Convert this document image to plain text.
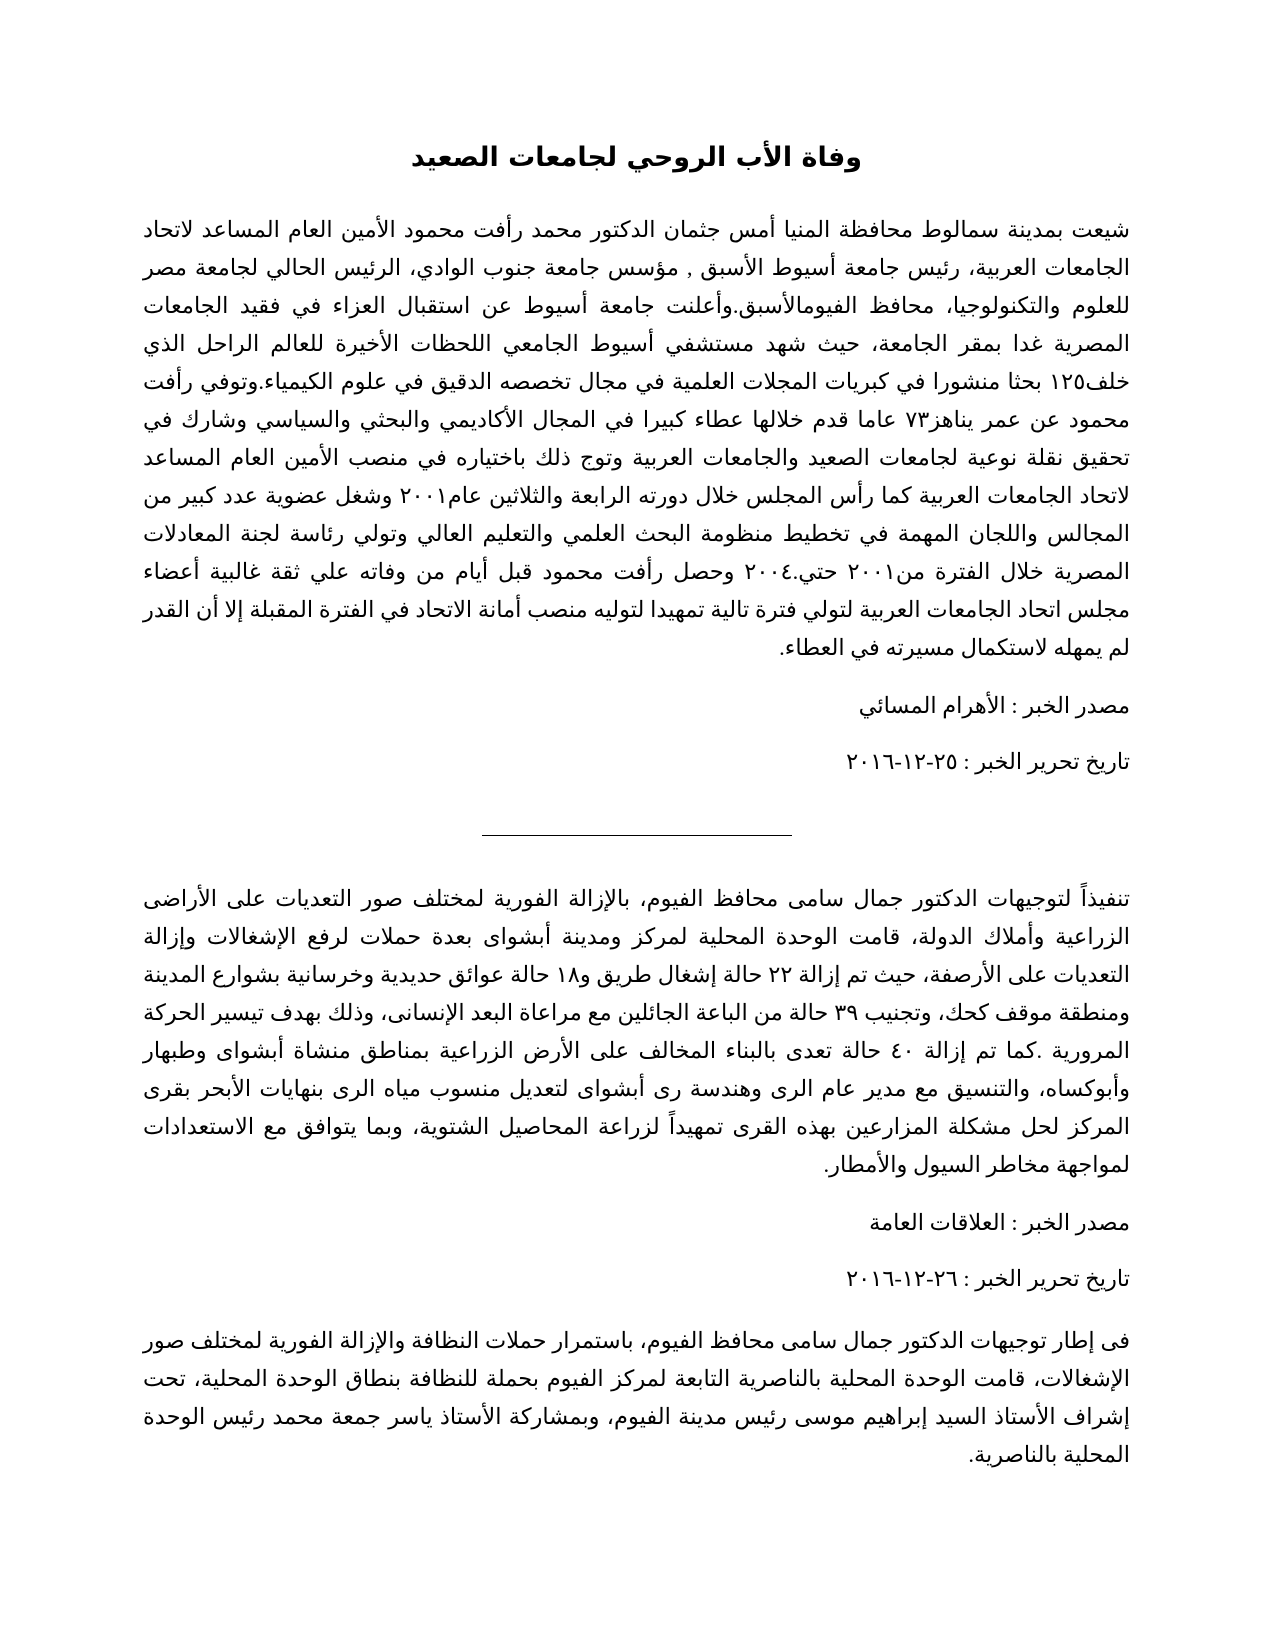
وفاة الأب الروحي لجامعات الصعيد

شيعت بمدينة سمالوط محافظة المنيا أمس جثمان الدكتور محمد رأفت محمود الأمين العام المساعد لاتحاد الجامعات العربية، رئيس جامعة أسيوط الأسبق , مؤسس جامعة جنوب الوادي، الرئيس الحالي لجامعة مصر للعلوم والتكنولوجيا، محافظ الفيومالأسبق.وأعلنت جامعة أسيوط عن استقبال العزاء في فقيد الجامعات المصرية غدا بمقر الجامعة، حيث شهد مستشفي أسيوط الجامعي اللحظات الأخيرة للعالم الراحل الذي خلف١٢٥ بحثا منشورا في كبريات المجلات العلمية في مجال تخصصه الدقيق في علوم الكيمياء.وتوفي رأفت محمود عن عمر يناهز٧٣ عاما قدم خلالها عطاء كبيرا في المجال الأكاديمي والبحثي والسياسي وشارك في تحقيق نقلة نوعية لجامعات الصعيد والجامعات العربية وتوج ذلك باختياره في منصب الأمين العام المساعد لاتحاد الجامعات العربية كما رأس المجلس خلال دورته الرابعة والثلاثين عام٢٠٠١ وشغل عضوية عدد كبير من المجالس واللجان المهمة في تخطيط منظومة البحث العلمي والتعليم العالي وتولي رئاسة لجنة المعادلات المصرية خلال الفترة من٢٠٠١ حتي.٢٠٠٤ وحصل رأفت محمود قبل أيام من وفاته علي ثقة غالبية أعضاء مجلس اتحاد الجامعات العربية لتولي فترة تالية تمهيدا لتوليه منصب أمانة الاتحاد في الفترة المقبلة إلا أن القدر لم يمهله لاستكمال مسيرته في العطاء.

مصدر الخبر : الأهرام المسائي

تاريخ تحرير الخبر : ٢٥-١٢-٢٠١٦

تنفيذاً لتوجيهات الدكتور جمال سامى محافظ الفيوم، بالإزالة الفورية لمختلف صور التعديات على الأراضى الزراعية وأملاك الدولة، قامت الوحدة المحلية لمركز ومدينة أبشواى بعدة حملات لرفع الإشغالات وإزالة التعديات على الأرصفة، حيث تم إزالة ٢٢ حالة إشغال طريق و١٨ حالة عوائق حديدية وخرسانية بشوارع المدينة ومنطقة موقف كحك، وتجنيب ٣٩ حالة من الباعة الجائلين مع مراعاة البعد الإنسانى، وذلك بهدف تيسير الحركة المرورية .كما تم إزالة ٤٠ حالة تعدى بالبناء المخالف على الأرض الزراعية بمناطق منشاة أبشواى وطبهار وأبوكساه، والتنسيق مع مدير عام الرى وهندسة رى أبشواى لتعديل منسوب مياه الرى بنهايات الأبحر بقرى المركز لحل مشكلة المزارعين بهذه القرى تمهيداً لزراعة المحاصيل الشتوية، وبما يتوافق مع الاستعدادات لمواجهة مخاطر السيول والأمطار.

مصدر الخبر : العلاقات العامة

تاريخ تحرير الخبر : ٢٦-١٢-٢٠١٦

فى إطار توجيهات الدكتور جمال سامى محافظ الفيوم، باستمرار حملات النظافة والإزالة الفورية لمختلف صور الإشغالات، قامت الوحدة المحلية بالناصرية التابعة لمركز الفيوم بحملة للنظافة بنطاق الوحدة المحلية، تحت إشراف الأستاذ السيد إبراهيم موسى رئيس مدينة الفيوم، وبمشاركة الأستاذ ياسر جمعة محمد رئيس الوحدة المحلية بالناصرية.
